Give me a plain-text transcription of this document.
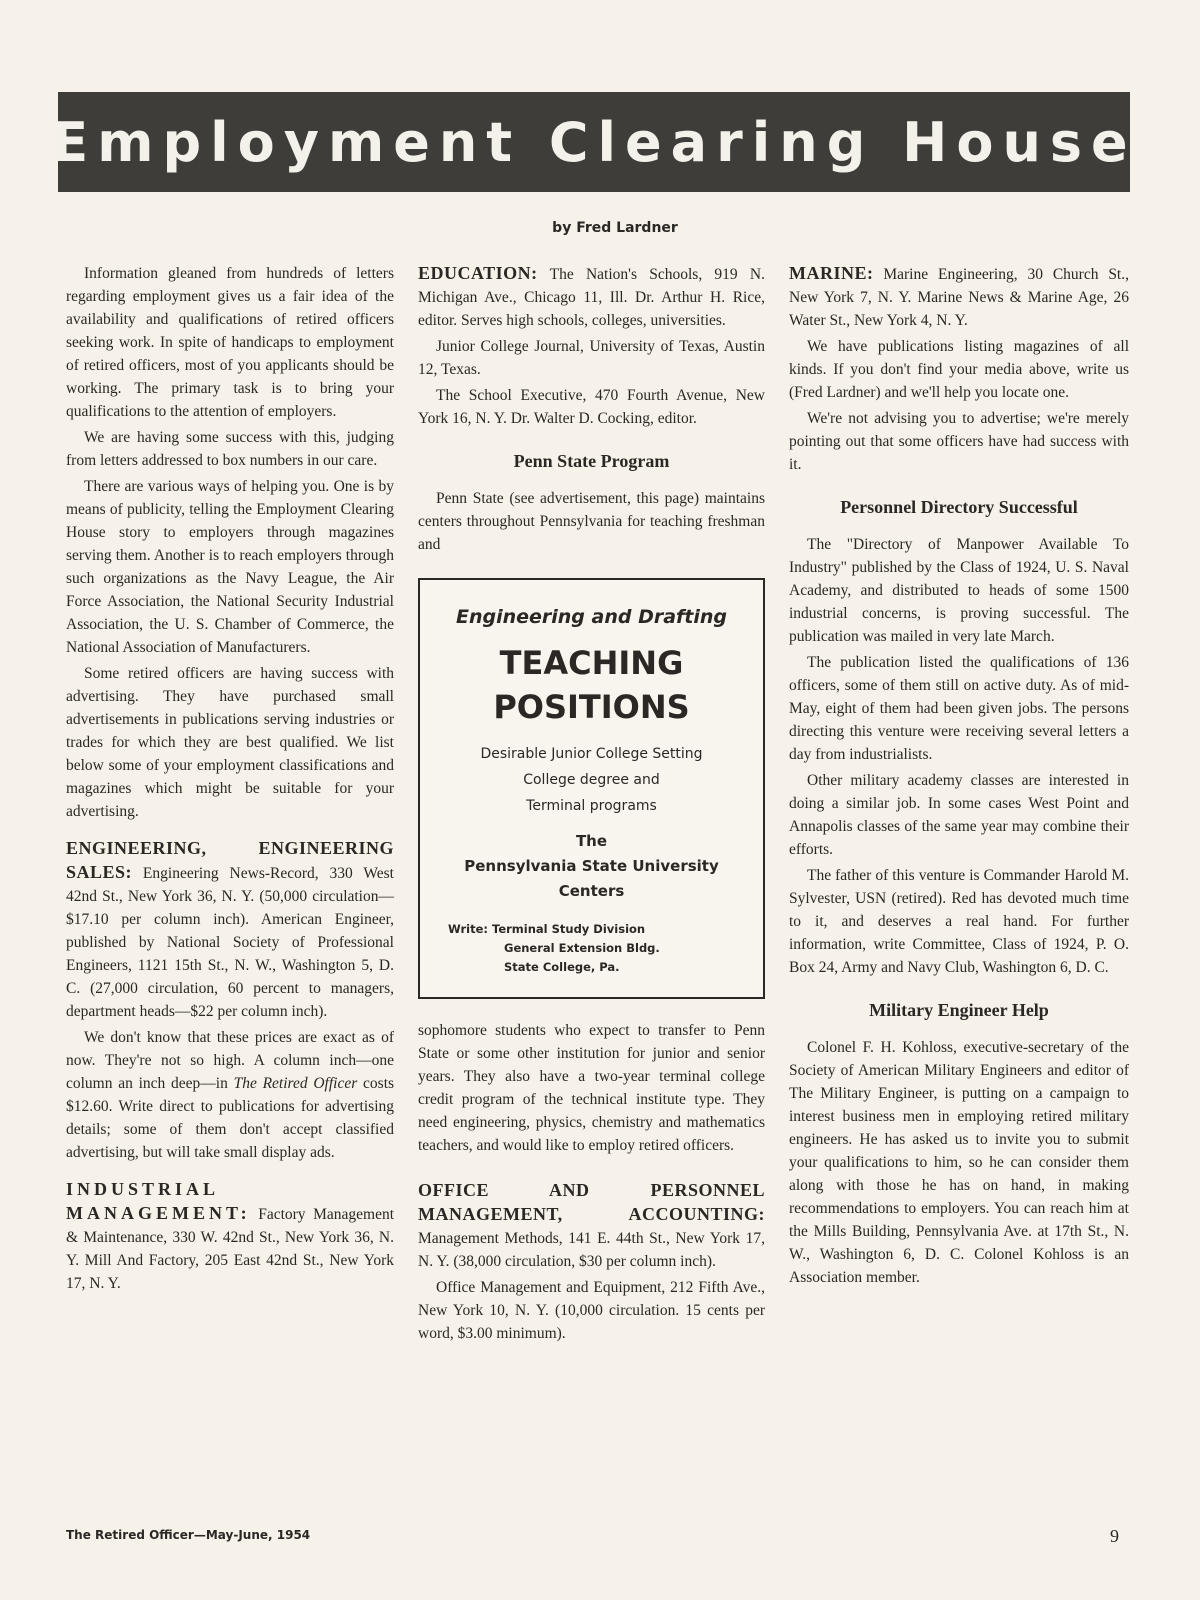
Employment Clearing House
by Fred Lardner

Information gleaned from hundreds of letters regarding employment gives us a fair idea of the availability and qualifications of retired officers seeking work. In spite of handicaps to employment of retired officers, most of you applicants should be working. The primary task is to bring your qualifications to the attention of employers.

We are having some success with this, judging from letters addressed to box numbers in our care.

There are various ways of helping you. One is by means of publicity, telling the Employment Clearing House story to employers through magazines serving them. Another is to reach employers through such organizations as the Navy League, the Air Force Association, the National Security Industrial Association, the U. S. Chamber of Commerce, the National Association of Manufacturers.

Some retired officers are having success with advertising. They have purchased small advertisements in publications serving industries or trades for which they are best qualified. We list below some of your employment classifications and magazines which might be suitable for your advertising.

ENGINEERING, ENGINEERING SALES: Engineering News-Record, 330 West 42nd St., New York 36, N. Y. (50,000 circulation—$17.10 per column inch). American Engineer, published by National Society of Professional Engineers, 1121 15th St., N. W., Washington 5, D. C. (27,000 circulation, 60 percent to managers, department heads—$22 per column inch).

We don't know that these prices are exact as of now. They're not so high. A column inch—one column an inch deep—in The Retired Officer costs $12.60. Write direct to publications for advertising details; some of them don't accept classified advertising, but will take small display ads.

INDUSTRIAL MANAGEMENT: Factory Management & Maintenance, 330 W. 42nd St., New York 36, N. Y. Mill And Factory, 205 East 42nd St., New York 17, N. Y.

EDUCATION: The Nation's Schools, 919 N. Michigan Ave., Chicago 11, Ill. Dr. Arthur H. Rice, editor. Serves high schools, colleges, universities.

Junior College Journal, University of Texas, Austin 12, Texas.

The School Executive, 470 Fourth Avenue, New York 16, N. Y. Dr. Walter D. Cocking, editor.

Penn State Program

Penn State (see advertisement, this page) maintains centers throughout Pennsylvania for teaching freshman and

Engineering and Drafting
TEACHING
POSITIONS
Desirable Junior College Setting
College degree and
Terminal programs
The
Pennsylvania State University
Centers
Write: Terminal Study Division
General Extension Bldg.
State College, Pa.

sophomore students who expect to transfer to Penn State or some other institution for junior and senior years. They also have a two-year terminal college credit program of the technical institute type. They need engineering, physics, chemistry and mathematics teachers, and would like to employ retired officers.

OFFICE AND PERSONNEL MANAGEMENT, ACCOUNTING: Management Methods, 141 E. 44th St., New York 17, N. Y. (38,000 circulation, $30 per column inch).

Office Management and Equipment, 212 Fifth Ave., New York 10, N. Y. (10,000 circulation. 15 cents per word, $3.00 minimum).

MARINE: Marine Engineering, 30 Church St., New York 7, N. Y. Marine News & Marine Age, 26 Water St., New York 4, N. Y.

We have publications listing magazines of all kinds. If you don't find your media above, write us (Fred Lardner) and we'll help you locate one.

We're not advising you to advertise; we're merely pointing out that some officers have had success with it.

Personnel Directory Successful

The "Directory of Manpower Available To Industry" published by the Class of 1924, U. S. Naval Academy, and distributed to heads of some 1500 industrial concerns, is proving successful. The publication was mailed in very late March.

The publication listed the qualifications of 136 officers, some of them still on active duty. As of mid-May, eight of them had been given jobs. The persons directing this venture were receiving several letters a day from industrialists.

Other military academy classes are interested in doing a similar job. In some cases West Point and Annapolis classes of the same year may combine their efforts.

The father of this venture is Commander Harold M. Sylvester, USN (retired). Red has devoted much time to it, and deserves a real hand. For further information, write Committee, Class of 1924, P. O. Box 24, Army and Navy Club, Washington 6, D. C.

Military Engineer Help

Colonel F. H. Kohloss, executive-secretary of the Society of American Military Engineers and editor of The Military Engineer, is putting on a campaign to interest business men in employing retired military engineers. He has asked us to invite you to submit your qualifications to him, so he can consider them along with those he has on hand, in making recommendations to employers. You can reach him at the Mills Building, Pennsylvania Ave. at 17th St., N. W., Washington 6, D. C. Colonel Kohloss is an Association member.

The Retired Officer—May-June, 1954	9
